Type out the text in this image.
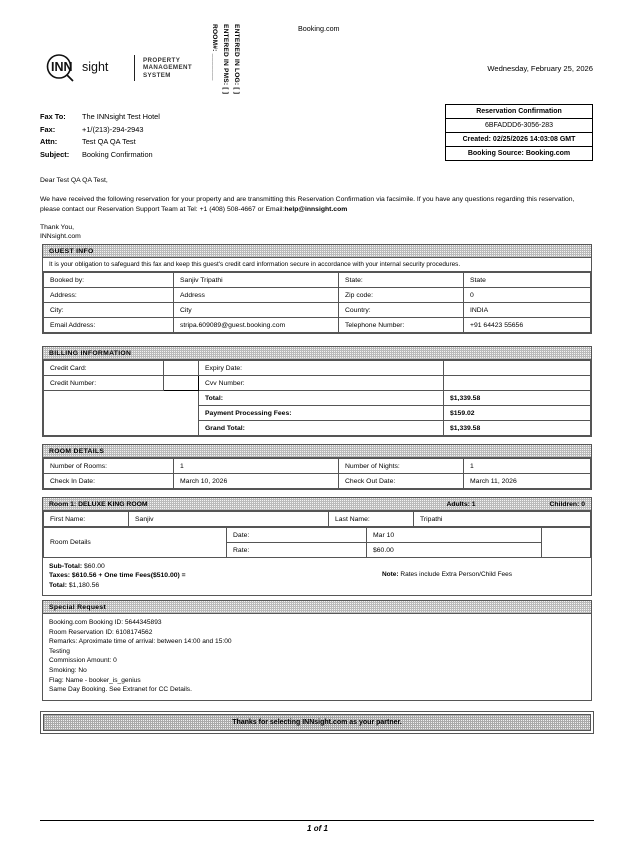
Booking.com
ENTERED IN LOG: [ ]
ENTERED IN PMS: [ ]
ROOM#: _______
INN sight	PROPERTY
MANAGEMENT
SYSTEM
Wednesday, February 25, 2026
Fax To:	The INNsight Test Hotel
Fax:	+1/(213)-294-2943
Attn:	Test QA QA Test
Subject:	Booking Confirmation
Reservation Confirmation
6BFADDD6-3056-283
Created: 02/25/2026 14:03:08 GMT
Booking Source: Booking.com

Dear Test QA QA Test,

We have received the following reservation for your property and are transmitting this Reservation Confirmation via facsimile. If you have any questions regarding this reservation, please contact our Reservation Support Team at Tel: +1 (408) 508-4667 or Email:help@innsight.com

Thank You,
INNsight.com

GUEST INFO
It is your obligation to safeguard this fax and keep this guest's credit card information secure in accordance with your internal security procedures.
Booked by:	Sanjiv Tripathi	State:	State
Address:	Address	Zip code:	0
City:	City	Country:	INDIA
Email Address:	stripa.609089@guest.booking.com	Telephone Number:	+91 64423 55656
BILLING INFORMATION
Credit Card:		Expiry Date:	
Credit Number:		Cvv Number:	
		Total:	$1,339.58
		Payment Processing Fees:	$159.02
		Grand Total:	$1,339.58
ROOM DETAILS
Number of Rooms:	1	Number of Nights:	1
Check In Date:	March 10, 2026	Check Out Date:	March 11, 2026
Room 1: DELUXE KING ROOM	Adults: 1	Children: 0
First Name:	Sanjiv	Last Name:	Tripathi
Room Details	Date:	Mar 10	
	Rate:	$60.00	
Sub-Total: $60.00
Taxes: $610.56 + One time Fees($510.00) =
Total: $1,180.56
Note: Rates include Extra Person/Child Fees
Special Request
Booking.com Booking ID: 5644345893
Room Reservation ID: 6108174562
Remarks: Aproximate time of arrival: between 14:00 and 15:00
Testing
Commission Amount: 0
Smoking: No
Flag: Name - booker_is_genius
Same Day Booking. See Extranet for CC Details.
Thanks for selecting INNsight.com as your partner.
1 of 1
